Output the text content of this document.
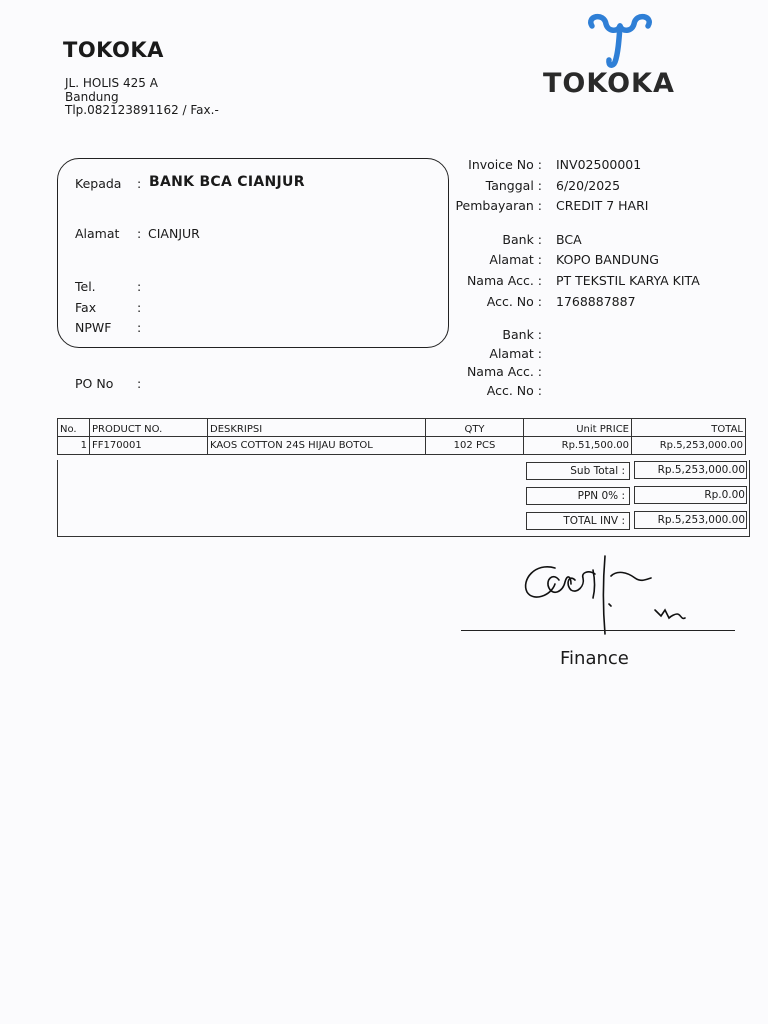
TOKOKA
JL. HOLIS 425 A
Bandung
Tlp.082123891162 / Fax.-
TOKOKA
Kepada : BANK BCA CIANJUR
Alamat : CIANJUR
Tel.	:
Fax	:
NPWF :
PO No :
Invoice No : INV02500001
Tanggal : 6/20/2025
Pembayaran : CREDIT 7 HARI
Bank : BCA
Alamat : KOPO BANDUNG
Nama Acc. : PT TEKSTIL KARYA KITA
Acc. No : 1768887887
Bank :
Alamat :
Nama Acc. :
Acc. No :
No.	PRODUCT NO.	DESKRIPSI	QTY	Unit PRICE	TOTAL
1	FF170001	KAOS COTTON 24S HIJAU BOTOL	102 PCS	Rp.51,500.00	Rp.5,253,000.00
Sub Total :	Rp.5,253,000.00
PPN 0% :	Rp.0.00
TOTAL INV :	Rp.5,253,000.00
Finance
